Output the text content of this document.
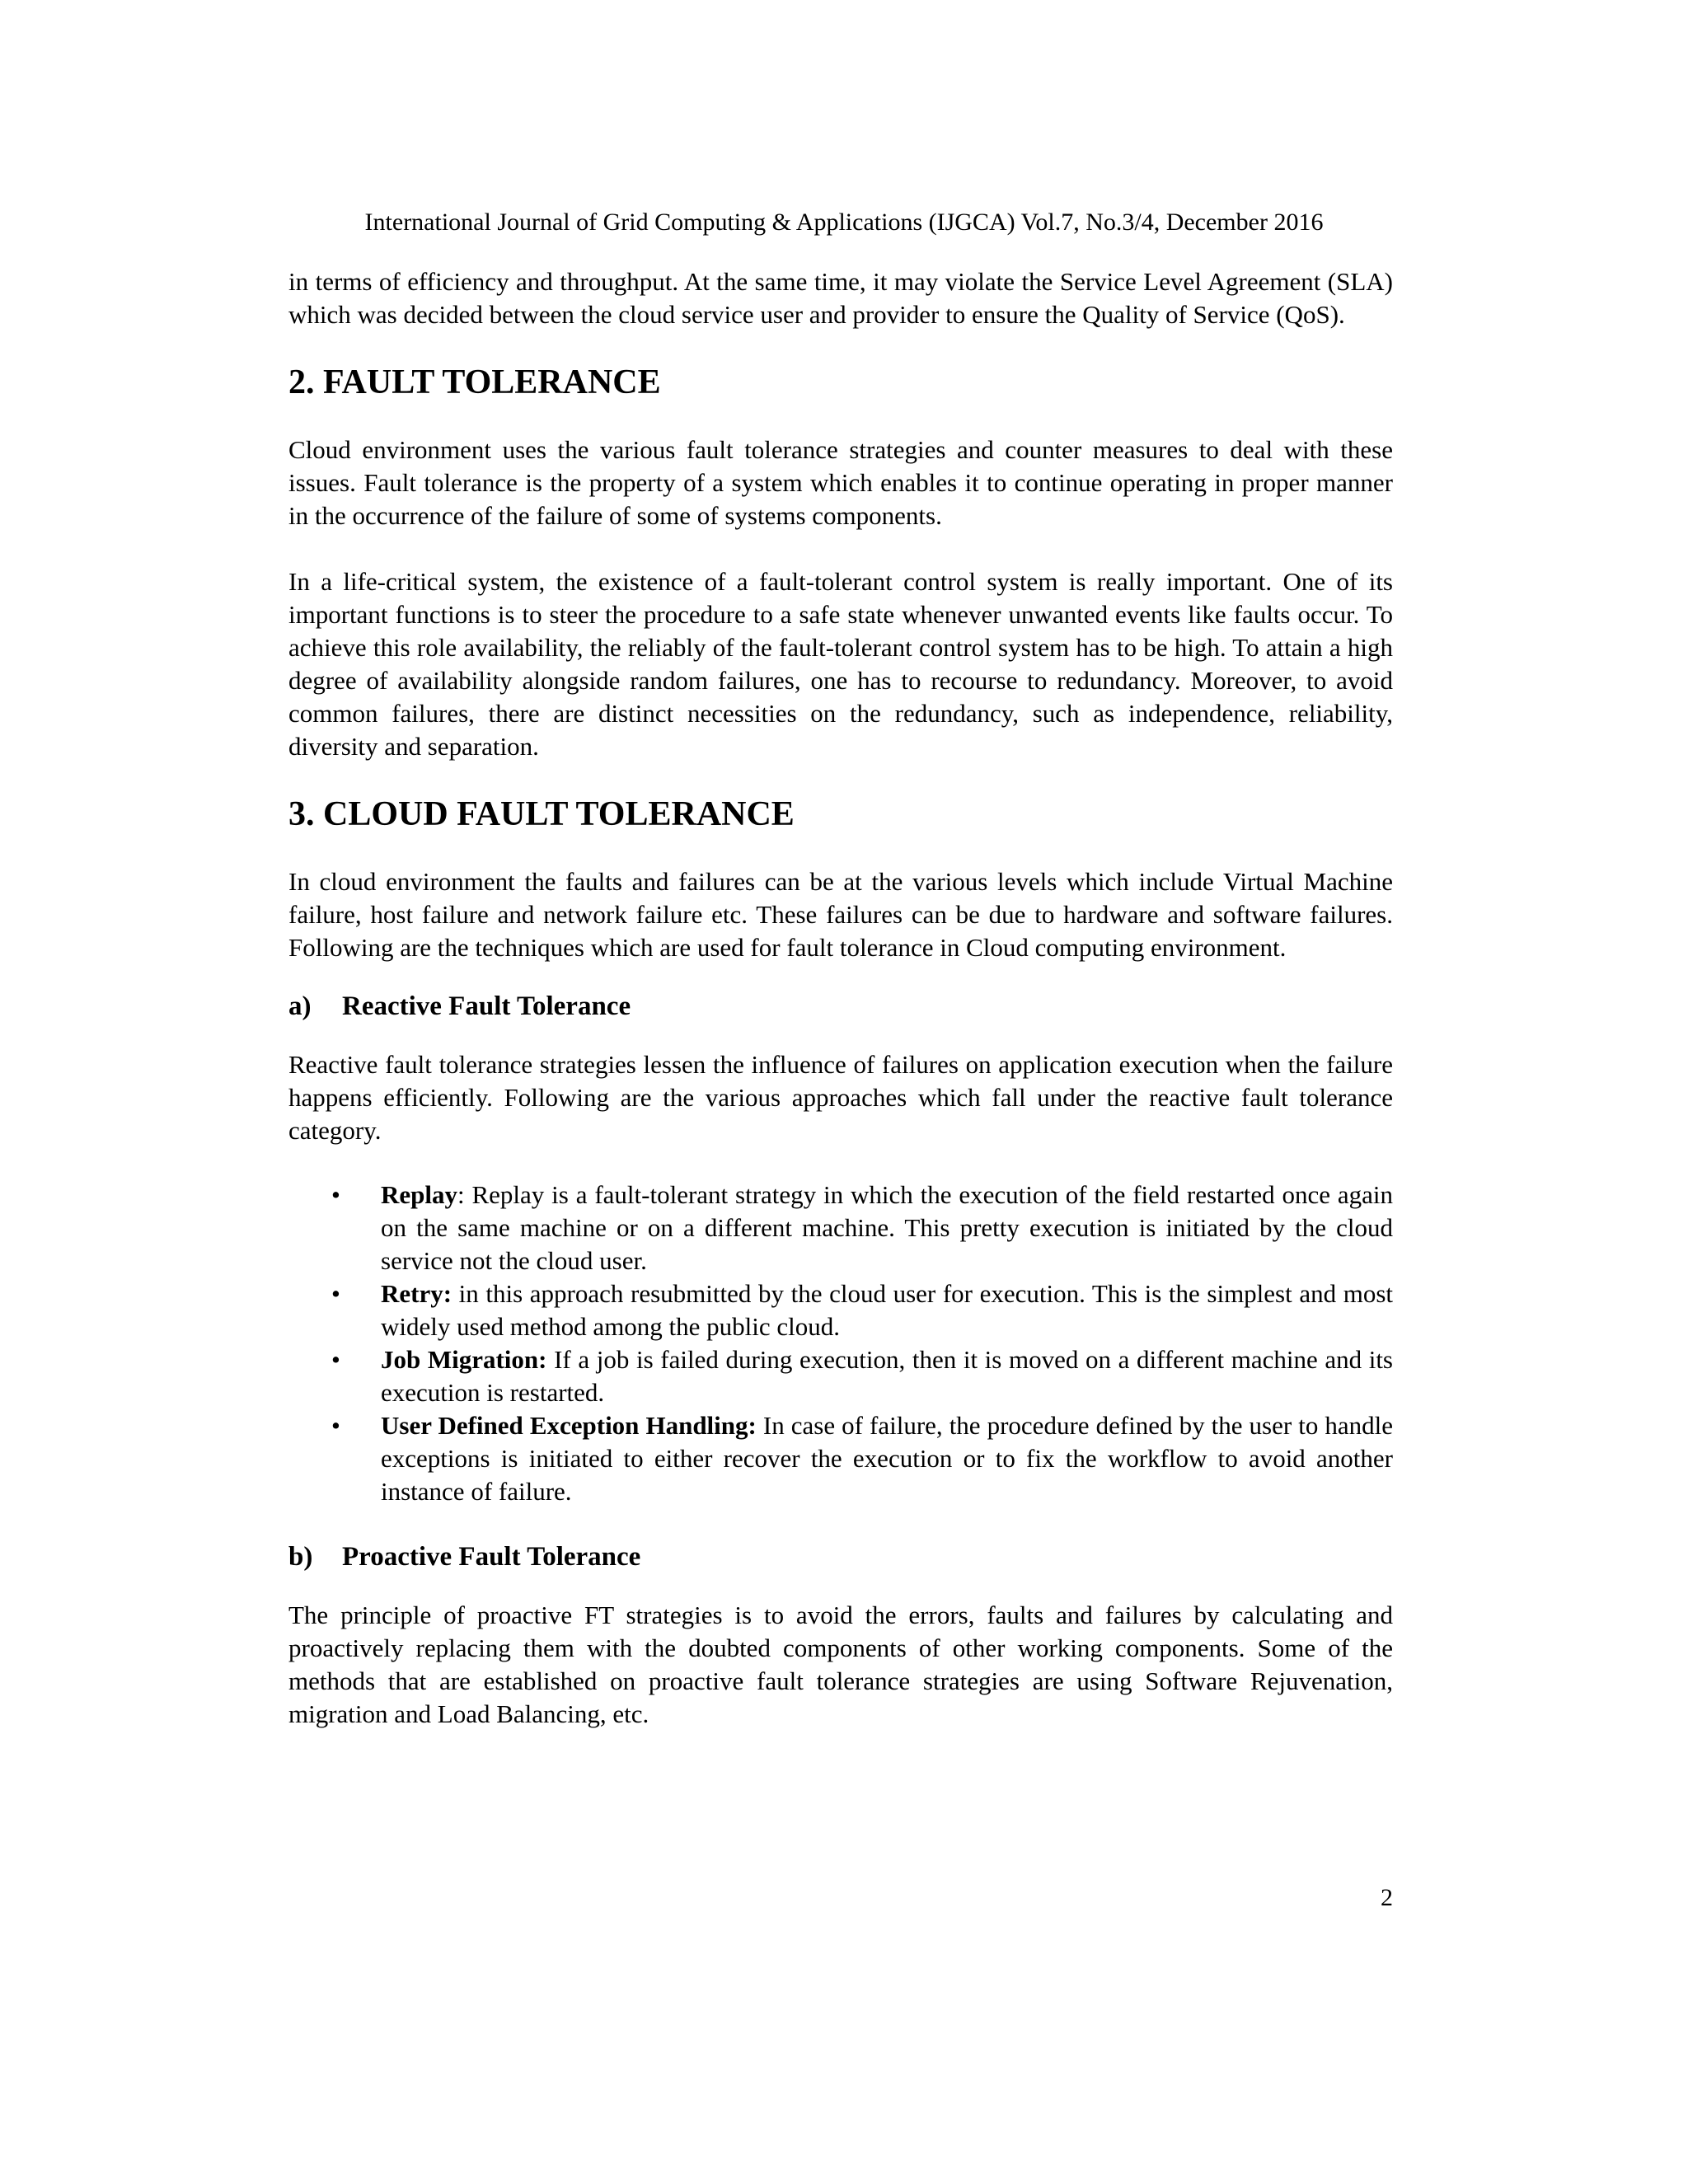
International Journal of Grid Computing & Applications (IJGCA) Vol.7, No.3/4, December 2016

in terms of efficiency and throughput. At the same time, it may violate the Service Level Agreement (SLA) which was decided between the cloud service user and provider to ensure the Quality of Service (QoS).

2. FAULT TOLERANCE

Cloud environment uses the various fault tolerance strategies and counter measures to deal with these issues. Fault tolerance is the property of a system which enables it to continue operating in proper manner in the occurrence of the failure of some of systems components.

In a life-critical system, the existence of a fault-tolerant control system is really important. One of its important functions is to steer the procedure to a safe state whenever unwanted events like faults occur. To achieve this role availability, the reliably of the fault-tolerant control system has to be high. To attain a high degree of availability alongside random failures, one has to recourse to redundancy. Moreover, to avoid common failures, there are distinct necessities on the redundancy, such as independence, reliability, diversity and separation.

3. CLOUD FAULT TOLERANCE

In cloud environment the faults and failures can be at the various levels which include Virtual Machine failure, host failure and network failure etc. These failures can be due to hardware and software failures. Following are the techniques which are used for fault tolerance in Cloud computing environment.

a) Reactive Fault Tolerance

Reactive fault tolerance strategies lessen the influence of failures on application execution when the failure happens efficiently. Following are the various approaches which fall under the reactive fault tolerance category.

• Replay: Replay is a fault-tolerant strategy in which the execution of the field restarted once again on the same machine or on a different machine. This pretty execution is initiated by the cloud service not the cloud user.
• Retry: in this approach resubmitted by the cloud user for execution. This is the simplest and most widely used method among the public cloud.
• Job Migration: If a job is failed during execution, then it is moved on a different machine and its execution is restarted.
• User Defined Exception Handling: In case of failure, the procedure defined by the user to handle exceptions is initiated to either recover the execution or to fix the workflow to avoid another instance of failure.
b) Proactive Fault Tolerance

The principle of proactive FT strategies is to avoid the errors, faults and failures by calculating and proactively replacing them with the doubted components of other working components. Some of the methods that are established on proactive fault tolerance strategies are using Software Rejuvenation, migration and Load Balancing, etc.

2
